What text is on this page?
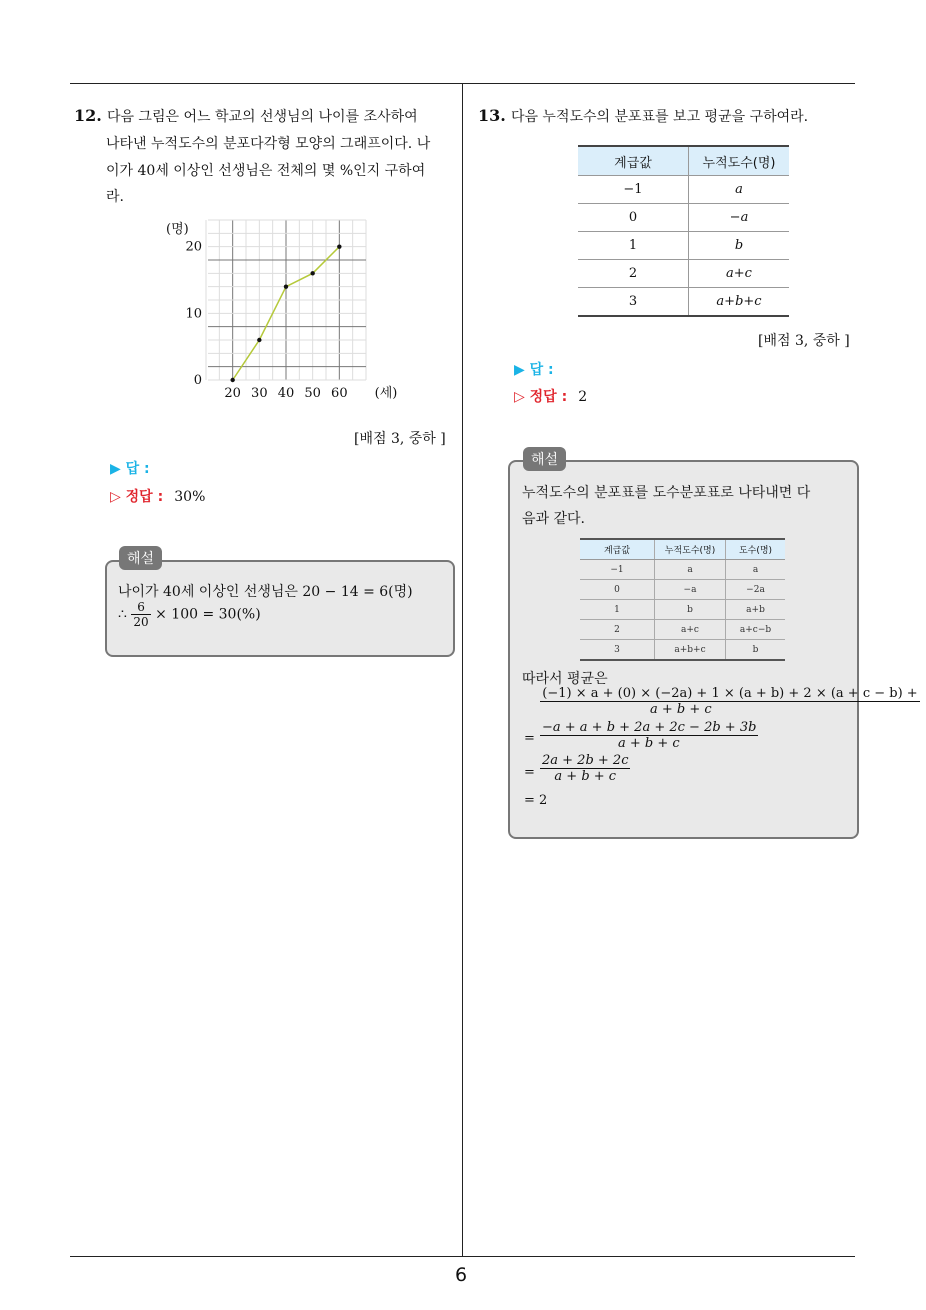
6
12. 다음 그림은 어느 학교의 선생님의 나이를 조사하여
나타낸 누적도수의 분포다각형 모양의 그래프이다. 나
이가 40세 이상인 선생님은 전체의 몇 %인지 구하여
라.
20 30 40 50 60
0
10
20
(명)
(세)
[배점 3, 중하 ]
▶ 답 :
▷ 정답 : 30%
해설
나이가 40세 이상인 선생님은 20 − 14 = 6(명)
∴ $\frac{6}{20} \times 100 = 30(\%)$
13. 다음 누적도수의 분포표를 보고 평균을 구하여라.
계급값	누적도수(명)
−1	a
0	−a
1	b
2	a+c
3	a+b+c
[배점 3, 중하 ]
▶ 답 :
▷ 정답 : 2
해설
누적도수의 분포표를 도수분포표로 나타내면 다
음과 같다.
계급값	누적도수(명)	도수(명)
−1	a	a
0	−a	−2a
1	b	a+b
2	a+c	a+c−b
3	a+b+c	b
따라서 평균은
$\frac{(-1) \times a + (0) \times (-2a) + 1 \times (a + b) + 2 \times (a + c - b) +}{a + b + c}$
= $\frac{-a + a + b + 2a + 2c - 2b + 3b}{a + b + c}$
= $\frac{2a + 2b + 2c}{a + b + c}$
= 2
